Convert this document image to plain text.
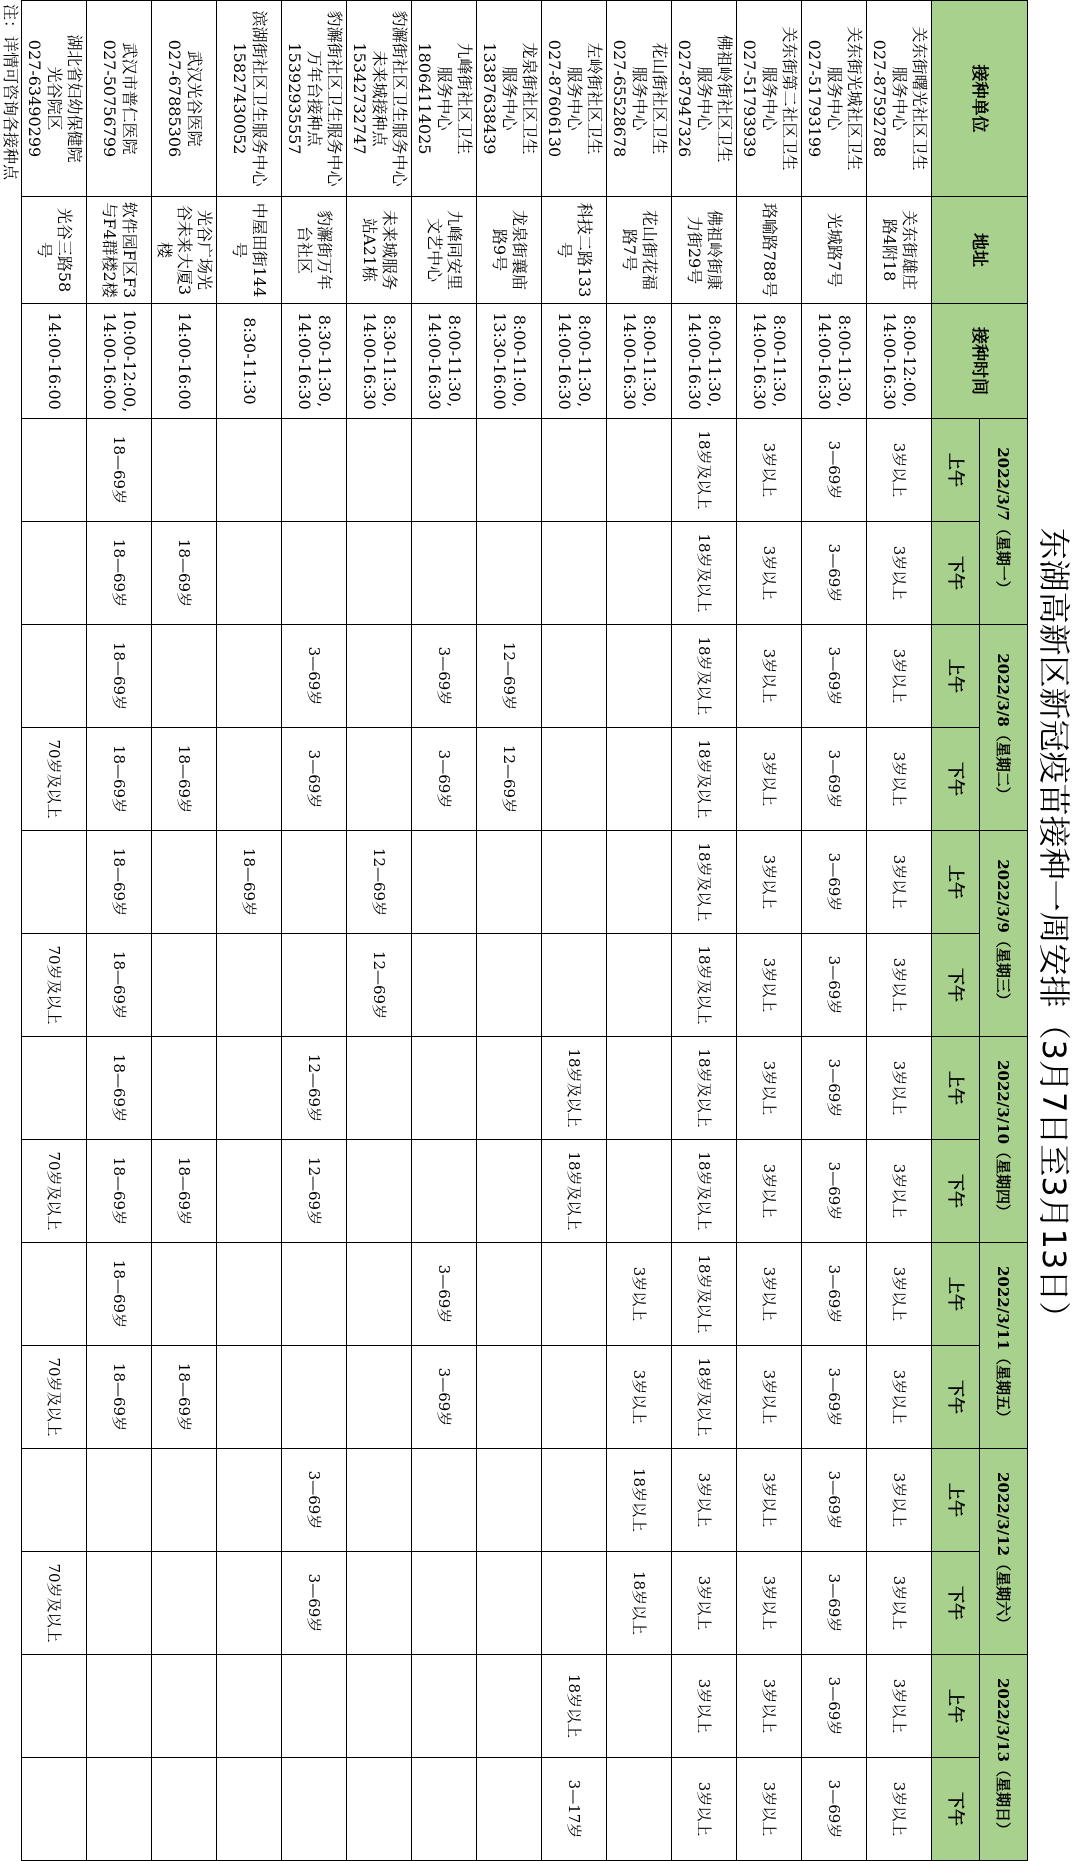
东湖高新区新冠疫苗接种一周安排（3月7日至3月13日）
接种单位
地址
接种时间
2022/3/7（星期一）
上午
下午
2022/3/8（星期二）
上午
下午
2022/3/9（星期三）
上午
下午
2022/3/10（星期四）
上午
下午
2022/3/11（星期五）
上午
下午
2022/3/12（星期六）
上午
下午
2022/3/13（星期日）
上午
下午
关东街曙光社区卫生
服务中心
027-87592788
关东街雄庄
路4附18
8:00-12:00,
14:00-16:30
3岁以上
3岁以上
3岁以上
3岁以上
3岁以上
3岁以上
3岁以上
3岁以上
3岁以上
3岁以上
3岁以上
3岁以上
3岁以上
3岁以上
关东街光城社区卫生
服务中心
027-51793199
光城路7号
8:00-11:30,
14:00-16:30
3—69岁
3—69岁
3—69岁
3—69岁
3—69岁
3—69岁
3—69岁
3—69岁
3—69岁
3—69岁
3—69岁
3—69岁
3—69岁
3—69岁
关东街第二社区卫生
服务中心
027-51793939
珞喻路788号
8:00-11:30,
14:00-16:30
3岁以上
3岁以上
3岁以上
3岁以上
3岁以上
3岁以上
3岁以上
3岁以上
3岁以上
3岁以上
3岁以上
3岁以上
3岁以上
3岁以上
佛祖岭街社区卫生
服务中心
027-87947326
佛祖岭街康
力街29号
8:00-11:30,
14:00-16:30
18岁及以上
18岁及以上
18岁及以上
18岁及以上
18岁及以上
18岁及以上
18岁及以上
18岁及以上
18岁及以上
18岁及以上
3岁以上
3岁以上
3岁以上
3岁以上
花山街社区卫生
服务中心
027-65528678
花山街花福
路7号
8:00-11:30,
14:00-16:30
3岁以上
3岁以上
18岁以上
18岁以上
左岭街社区卫生
服务中心
027-87606130
科技二路133
号
8:00-11:30,
14:00-16:30
18岁及以上
18岁及以上
18岁以上
3—17岁
龙泉街社区卫生
服务中心
13387638439
龙泉街襄庙
路9号
8:00-11:00,
13:30-16:00
12—69岁
12—69岁
九峰街社区卫生
服务中心
18064114025
九峰同安里
文艺中心
8:00-11:30,
14:00-16:30
3—69岁
3—69岁
3—69岁
3—69岁
豹澥街社区卫生服务中心
未来城接种点
15342732747
未来城服务
站A21栋
8:30-11:30,
14:00-16:30
12—69岁
12—69岁
豹澥街社区卫生服务中心
万年台接种点
15392935557
豹澥街万年
台社区
8:30-11:30,
14:00-16:30
3—69岁
3—69岁
12—69岁
12—69岁
3—69岁
3—69岁
滨湖街社区卫生服务中心
15827430052
中屋田街144
号
8:30-11:30
18—69岁
武汉光谷医院
027-67885306
光谷广场光
谷未来大厦3
楼
14:00-16:00
18—69岁
18—69岁
18—69岁
18—69岁
武汉市普仁医院
027-50756799
软件园F区F3
与F4群楼2楼
10:00-12:00,
14:00-16:00
18—69岁
18—69岁
18—69岁
18—69岁
18—69岁
18—69岁
18—69岁
18—69岁
18—69岁
18—69岁
湖北省妇幼保健院
光谷院区
027-63490299
光谷三路58
号
14:00-16:00
70岁及以上
70岁及以上
70岁及以上
70岁及以上
70岁及以上
注：详情可咨询各接种点
